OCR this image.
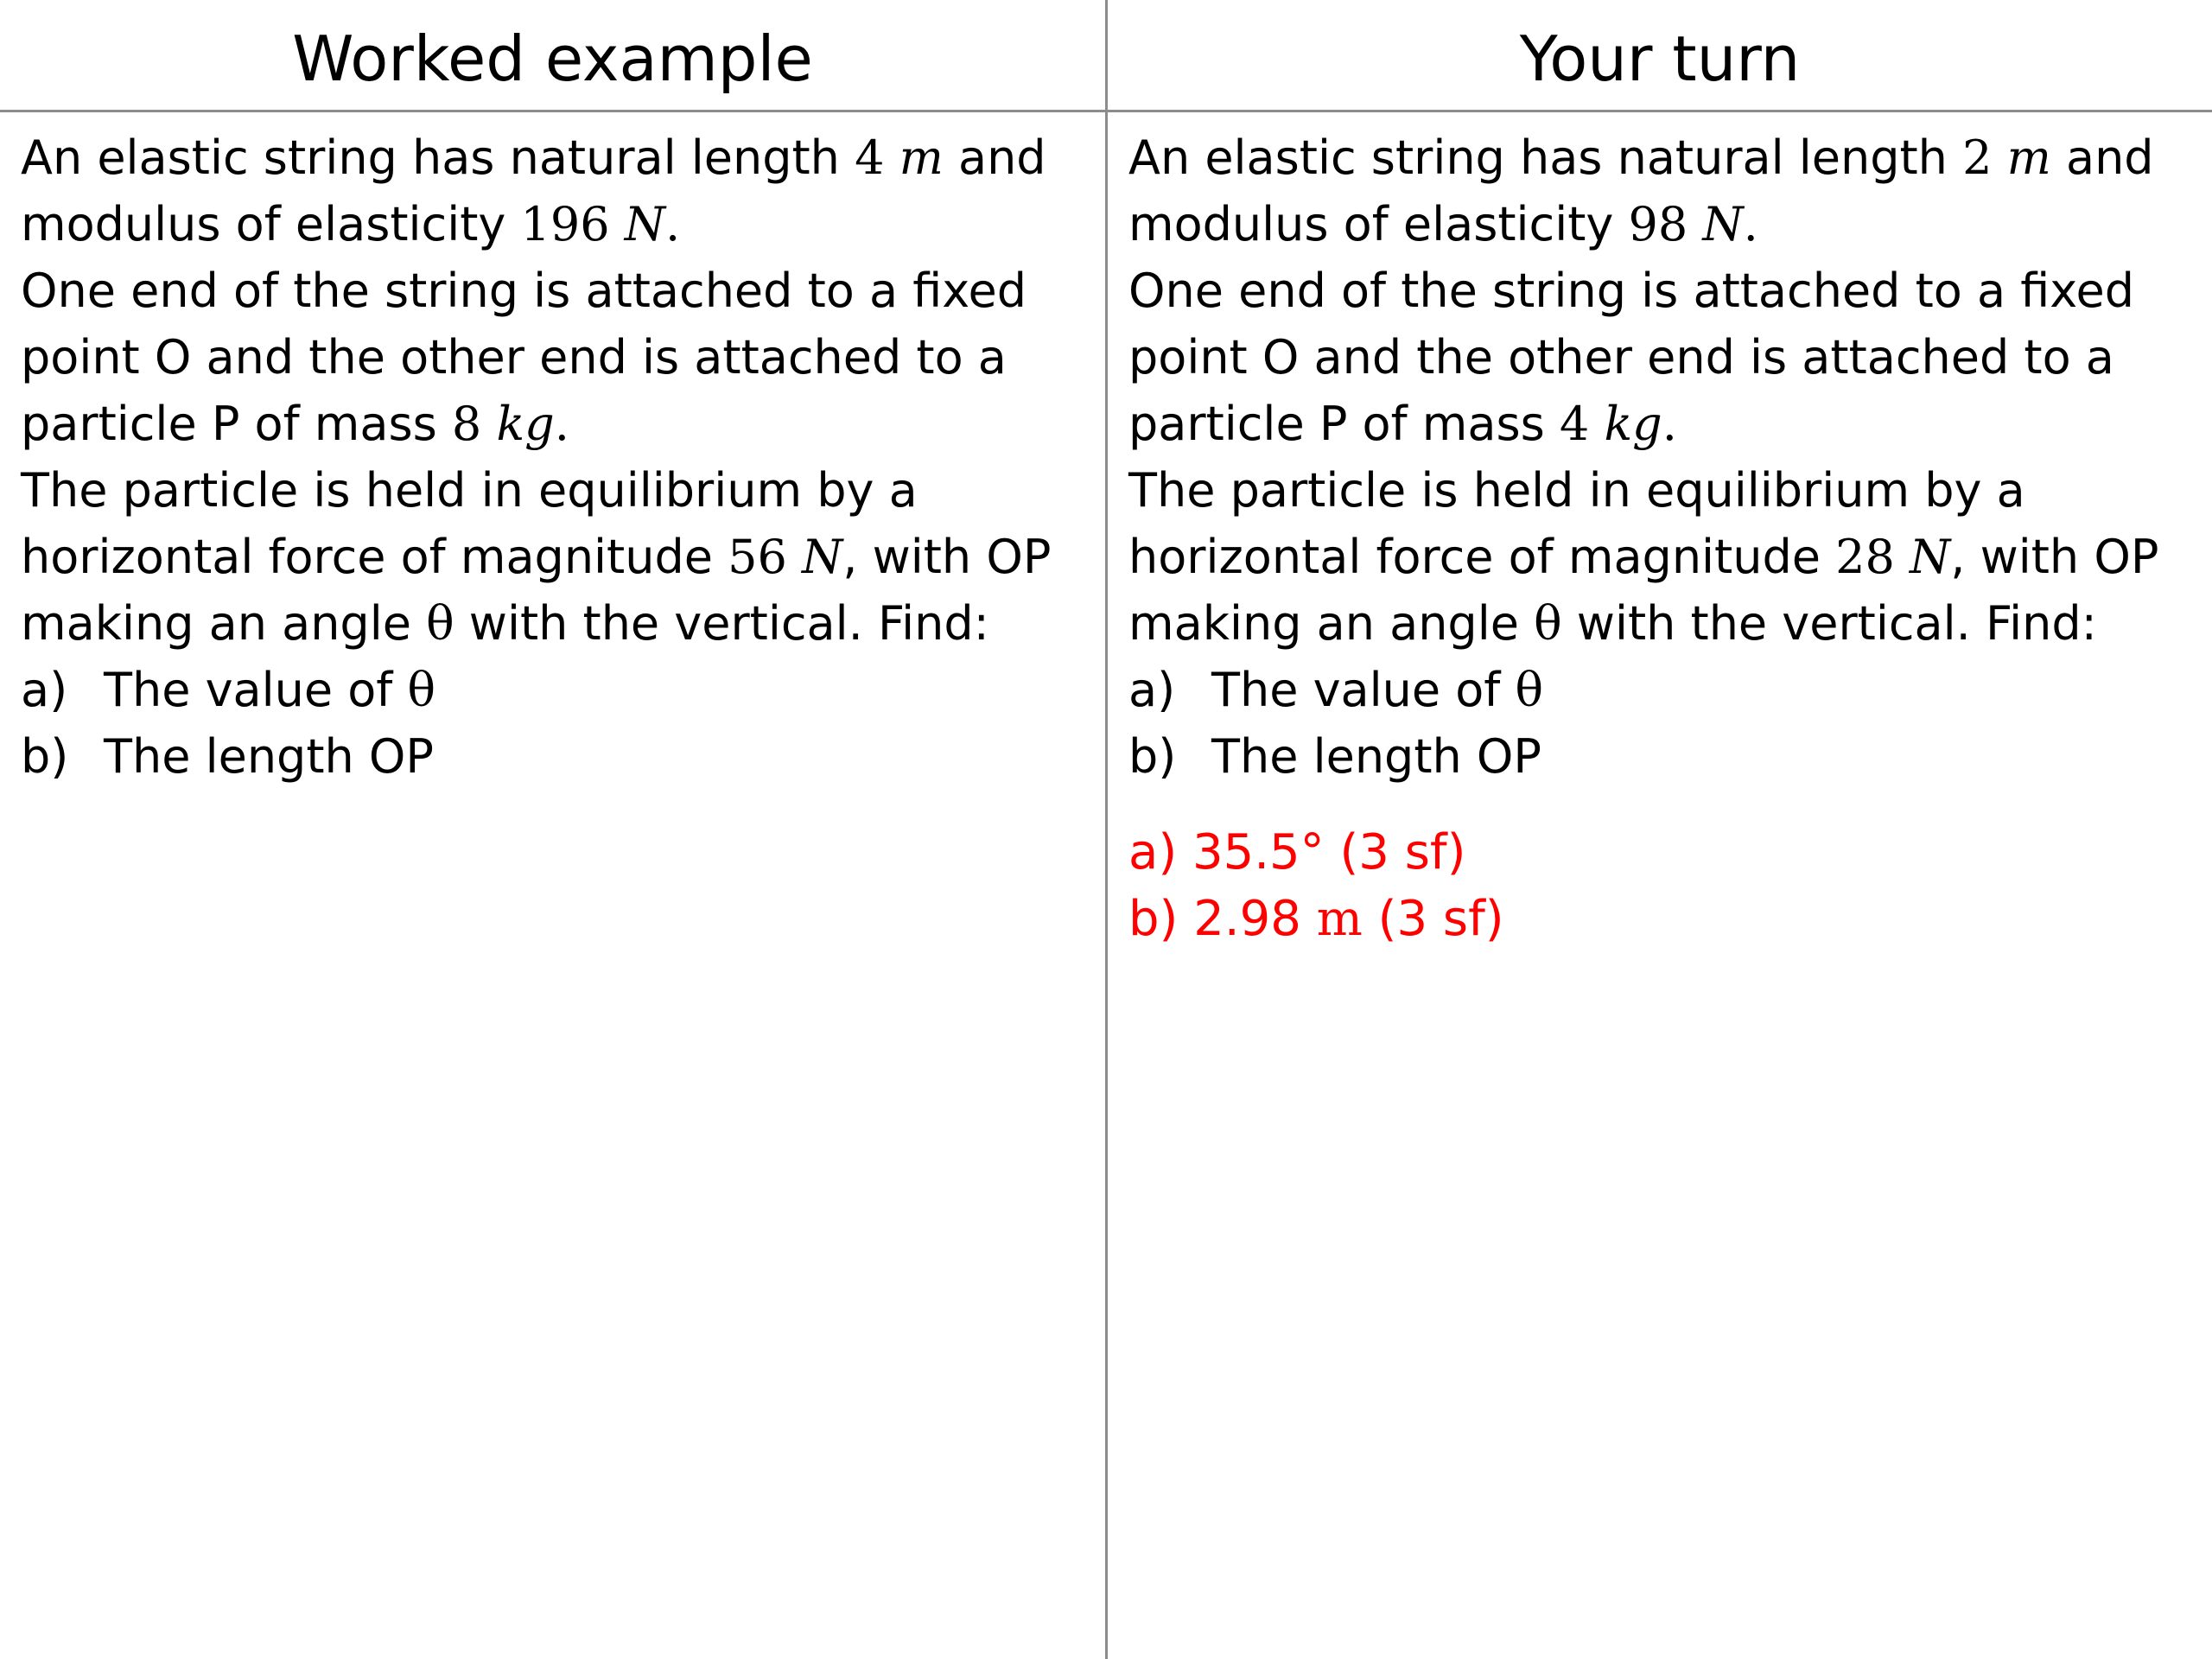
Worked example	Your turn
An elastic string has natural length 4 m and
modulus of elasticity 196 N.
One end of the string is attached to a fixed
point O and the other end is attached to a
particle P of mass 8 kg.
The particle is held in equilibrium by a
horizontal force of magnitude 56 N, with OP
making an angle θ with the vertical. Find:
a) The value of θ
b) The length OP
An elastic string has natural length 2 m and
modulus of elasticity 98 N.
One end of the string is attached to a fixed
point O and the other end is attached to a
particle P of mass 4 kg.
The particle is held in equilibrium by a
horizontal force of magnitude 28 N, with OP
making an angle θ with the vertical. Find:
a) The value of θ
b) The length OP
a) 35.5° (3 sf)
b) 2.98 m (3 sf)
